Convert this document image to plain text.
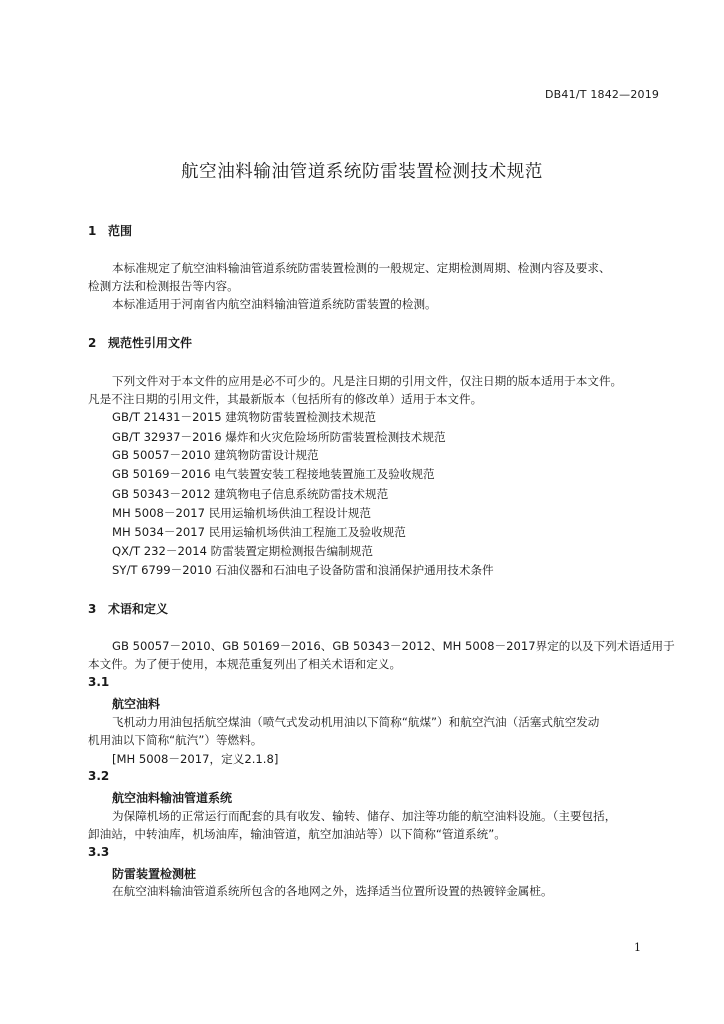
DB41/T 1842—2019
航空油料输油管道系统防雷装置检测技术规范
1 范围
本标准规定了航空油料输油管道系统防雷装置检测的一般规定、定期检测周期、检测内容及要求、
检测方法和检测报告等内容。
本标准适用于河南省内航空油料输油管道系统防雷装置的检测。
2 规范性引用文件
下列文件对于本文件的应用是必不可少的。凡是注日期的引用文件，仅注日期的版本适用于本文件。
凡是不注日期的引用文件，其最新版本（包括所有的修改单）适用于本文件。
GB/T 21431－2015 建筑物防雷装置检测技术规范
GB/T 32937－2016 爆炸和火灾危险场所防雷装置检测技术规范
GB 50057－2010 建筑物防雷设计规范
GB 50169－2016 电气装置安装工程接地装置施工及验收规范
GB 50343－2012 建筑物电子信息系统防雷技术规范
MH 5008－2017 民用运输机场供油工程设计规范
MH 5034－2017 民用运输机场供油工程施工及验收规范
QX/T 232－2014 防雷装置定期检测报告编制规范
SY/T 6799－2010 石油仪器和石油电子设备防雷和浪涌保护通用技术条件
3 术语和定义
GB 50057－2010、GB 50169－2016、GB 50343－2012、MH 5008－2017界定的以及下列术语适用于
本文件。为了便于使用，本规范重复列出了相关术语和定义。
3.1
航空油料
飞机动力用油包括航空煤油（喷气式发动机用油以下简称“航煤”）和航空汽油（活塞式航空发动
机用油以下简称“航汽”）等燃料。
[MH 5008－2017，定义2.1.8]
3.2
航空油料输油管道系统
为保障机场的正常运行而配套的具有收发、输转、储存、加注等功能的航空油料设施。（主要包括，
卸油站，中转油库，机场油库，输油管道，航空加油站等）以下简称“管道系统”。
3.3
防雷装置检测桩
在航空油料输油管道系统所包含的各地网之外，选择适当位置所设置的热镀锌金属桩。
1
